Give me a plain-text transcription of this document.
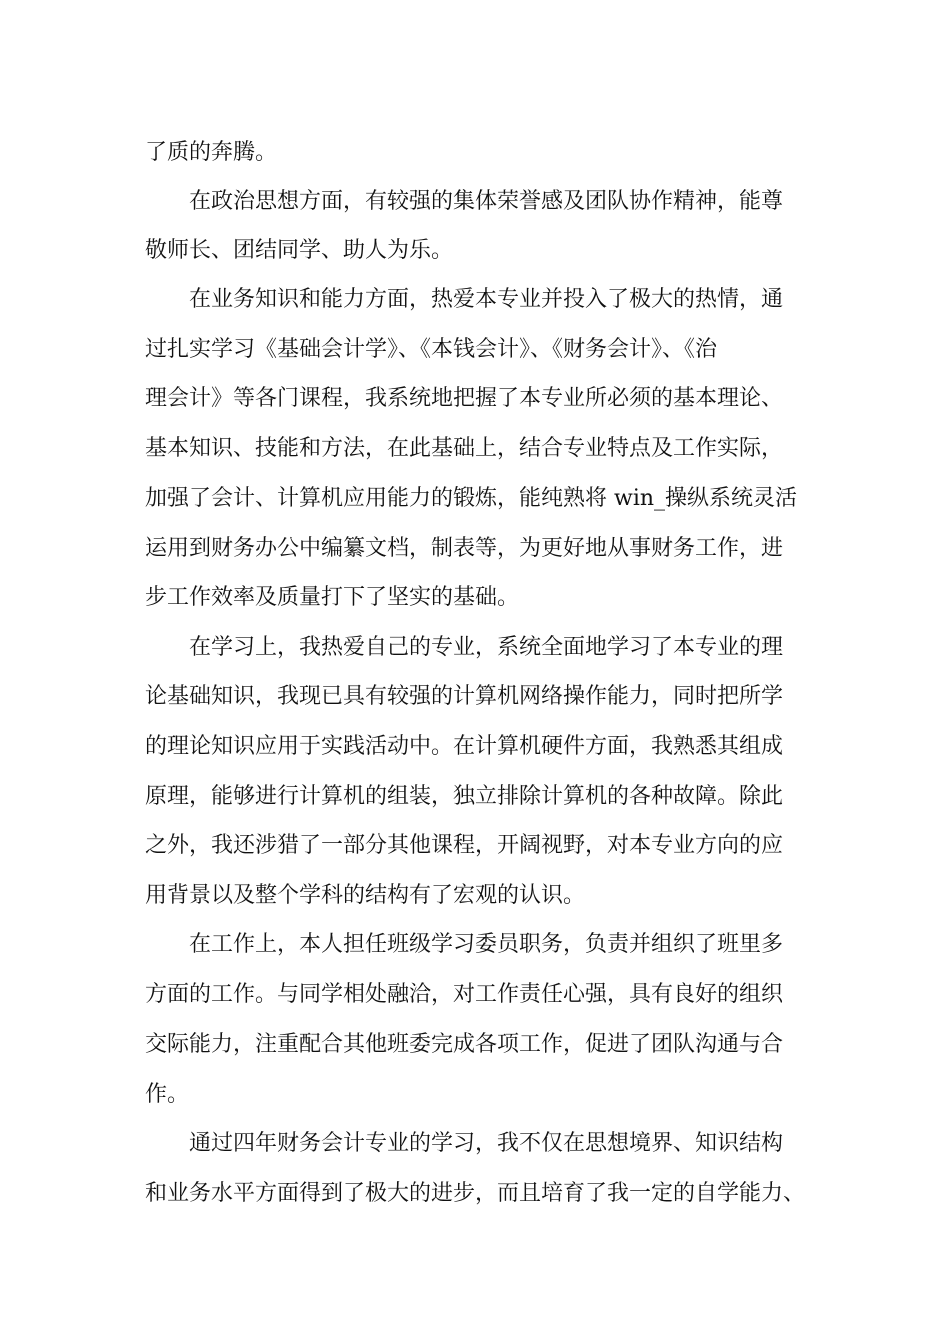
了质的奔腾。
在政治思想方面，有较强的集体荣誉感及团队协作精神，能尊
敬师长、团结同学、助人为乐。
在业务知识和能力方面，热爱本专业并投入了极大的热情，通
过扎实学习《基础会计学》、《本钱会计》、《财务会计》、《治
理会计》等各门课程，我系统地把握了本专业所必须的基本理论、
基本知识、技能和方法，在此基础上，结合专业特点及工作实际，
加强了会计、计算机应用能力的锻炼，能纯熟将 win_操纵系统灵活
运用到财务办公中编纂文档，制表等，为更好地从事财务工作，进
步工作效率及质量打下了坚实的基础。
在学习上，我热爱自己的专业，系统全面地学习了本专业的理
论基础知识，我现已具有较强的计算机网络操作能力，同时把所学
的理论知识应用于实践活动中。在计算机硬件方面，我熟悉其组成
原理，能够进行计算机的组装，独立排除计算机的各种故障。除此
之外，我还涉猎了一部分其他课程，开阔视野，对本专业方向的应
用背景以及整个学科的结构有了宏观的认识。
在工作上，本人担任班级学习委员职务，负责并组织了班里多
方面的工作。与同学相处融洽，对工作责任心强，具有良好的组织
交际能力，注重配合其他班委完成各项工作，促进了团队沟通与合
作。
通过四年财务会计专业的学习，我不仅在思想境界、知识结构
和业务水平方面得到了极大的进步，而且培育了我一定的自学能力、
